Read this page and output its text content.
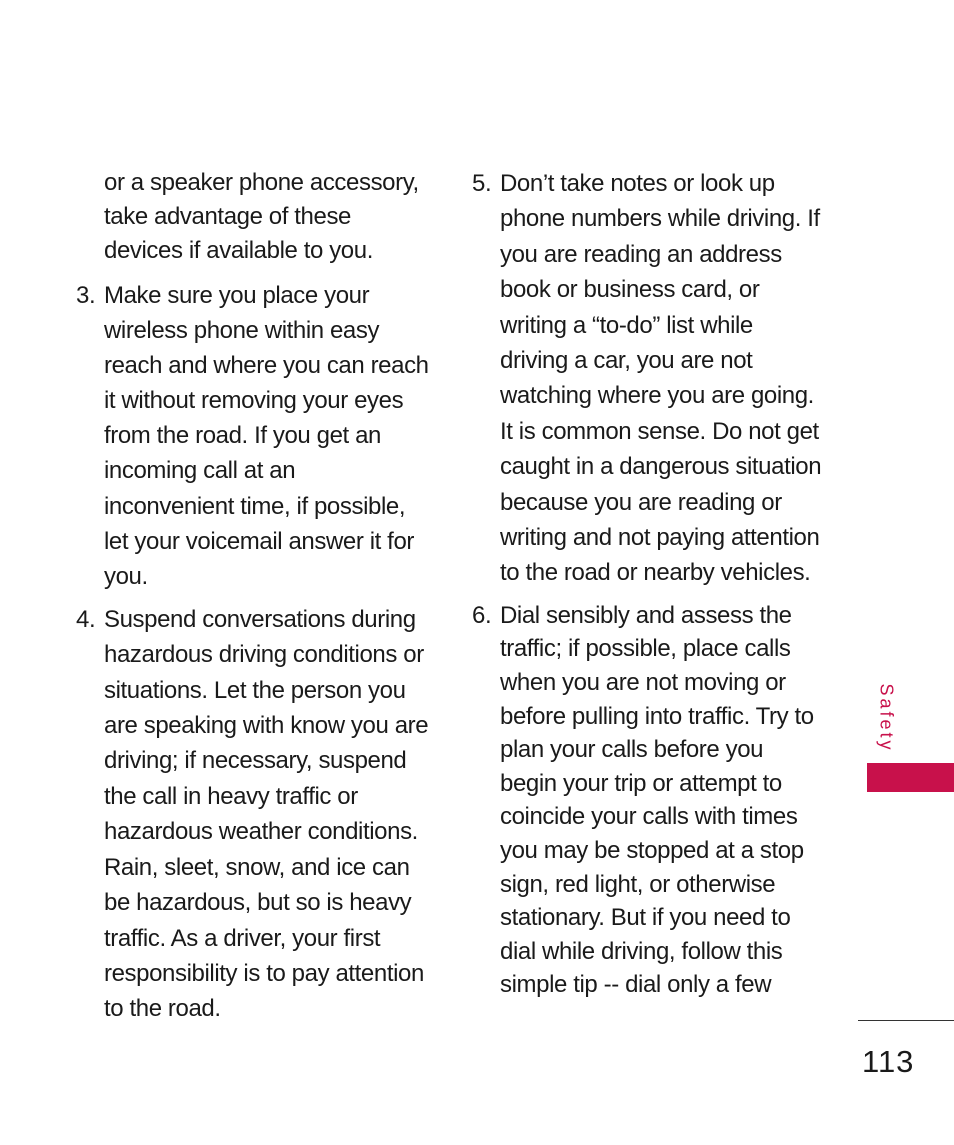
or a speaker phone accessory, take advantage of these devices if available to you.
3. Make sure you place your wireless phone within easy reach and where you can reach it without removing your eyes from the road. If you get an incoming call at an inconvenient time, if possible, let your voicemail answer it for you.
4. Suspend conversations during hazardous driving conditions or situations. Let the person you are speaking with know you are driving; if necessary, suspend the call in heavy traffic or hazardous weather conditions. Rain, sleet, snow, and ice can be hazardous, but so is heavy traffic. As a driver, your first responsibility is to pay attention to the road.
5. Don’t take notes or look up phone numbers while driving. If you are reading an address book or business card, or writing a “to-do” list while driving a car, you are not watching where you are going. It is common sense. Do not get caught in a dangerous situation because you are reading or writing and not paying attention to the road or nearby vehicles.
6. Dial sensibly and assess the traffic; if possible, place calls when you are not moving or before pulling into traffic. Try to plan your calls before you begin your trip or attempt to coincide your calls with times you may be stopped at a stop sign, red light, or otherwise stationary. But if you need to dial while driving, follow this simple tip -- dial only a few
Safety
113
